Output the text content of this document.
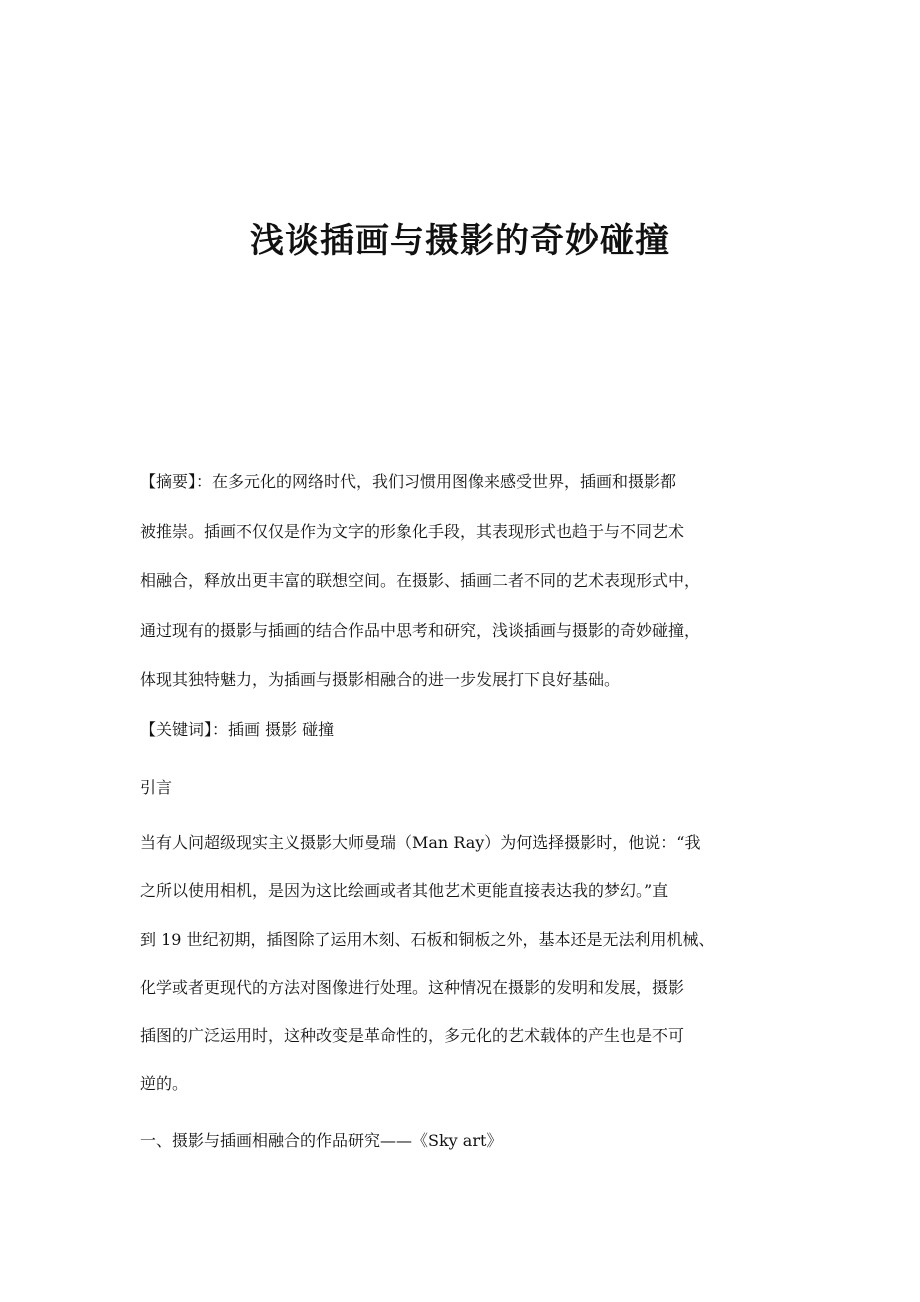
浅谈插画与摄影的奇妙碰撞

【摘要】：在多元化的网络时代，我们习惯用图像来感受世界，插画和摄影都

被推崇。插画不仅仅是作为文字的形象化手段，其表现形式也趋于与不同艺术

相融合，释放出更丰富的联想空间。在摄影、插画二者不同的艺术表现形式中，

通过现有的摄影与插画的结合作品中思考和研究，浅谈插画与摄影的奇妙碰撞，

体现其独特魅力，为插画与摄影相融合的进一步发展打下良好基础。

【关键词】：插画 摄影 碰撞

引言

当有人问超级现实主义摄影大师曼瑞（Man Ray）为何选择摄影时，他说：“我

之所以使用相机，是因为这比绘画或者其他艺术更能直接表达我的梦幻。”直

到 19 世纪初期，插图除了运用木刻、石板和铜板之外，基本还是无法利用机械、

化学或者更现代的方法对图像进行处理。这种情况在摄影的发明和发展，摄影

插图的广泛运用时，这种改变是革命性的，多元化的艺术载体的产生也是不可

逆的。

一、摄影与插画相融合的作品研究——《Sky art》
